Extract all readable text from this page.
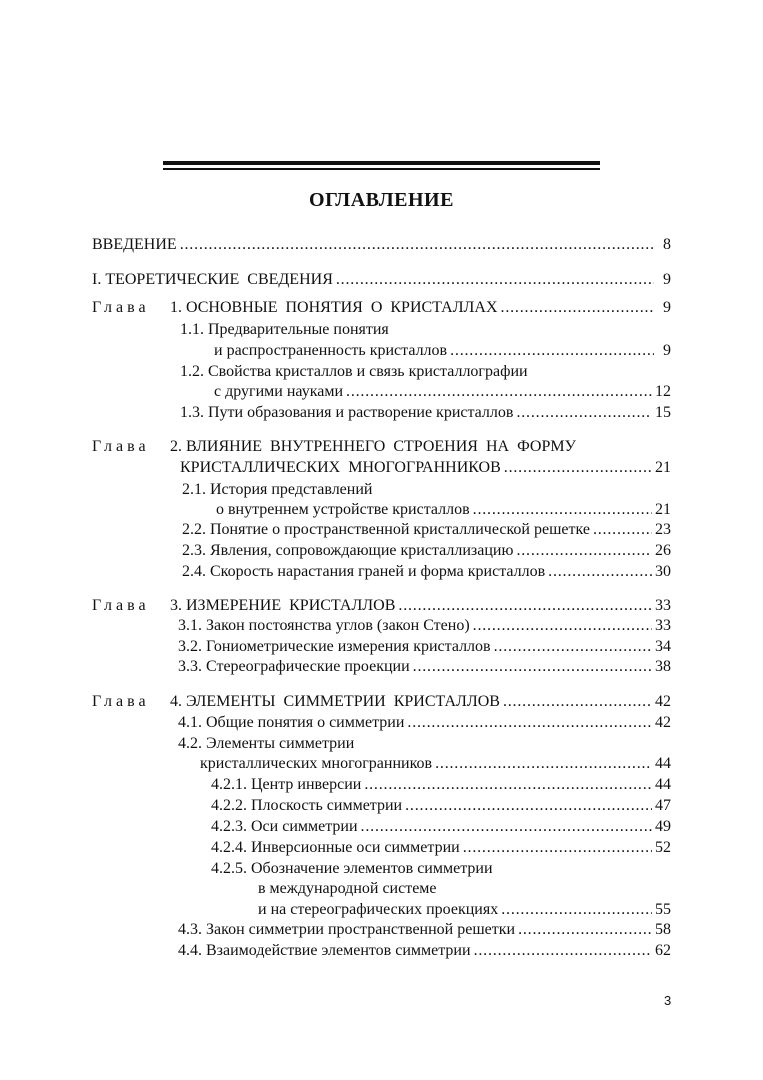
ОГЛАВЛЕНИЕ
ВВЕДЕНИЕ . . .	8
I. ТЕОРЕТИЧЕСКИЕ  СВЕДЕНИЯ . . .	9
Глава	1. ОСНОВНЫЕ  ПОНЯТИЯ  О  КРИСТАЛЛАХ . . .	9
1.1. Предварительные понятия
и распространенность кристаллов . . .	9
1.2. Свойства кристаллов и связь кристаллографии
с другими науками . . .	12
1.3. Пути образования и растворение кристаллов . . .	15
Глава 2. ВЛИЯНИЕ  ВНУТРЕННЕГО  СТРОЕНИЯ  НА  ФОРМУ
КРИСТАЛЛИЧЕСКИХ  МНОГОГРАННИКОВ . . .	21
2.1. История представлений
о внутреннем устройстве кристаллов . . .	21
2.2. Понятие о пространственной кристаллической решетке . . .	23
2.3. Явления, сопровождающие кристаллизацию . . .	26
2.4. Скорость нарастания граней и форма кристаллов . . .	30
Глава	3. ИЗМЕРЕНИЕ  КРИСТАЛЛОВ . . .	33
3.1. Закон постоянства углов (закон Стено) . . .	33
3.2. Гониометрические измерения кристаллов . . .	34
3.3. Стереографические проекции . . .	38
Глава	4. ЭЛЕМЕНТЫ  СИММЕТРИИ  КРИСТАЛЛОВ . . .	42
4.1. Общие понятия о симметрии . . .	42
4.2. Элементы симметрии
кристаллических многогранников . . .	44
4.2.1. Центр инверсии . . .	44
4.2.2. Плоскость симметрии . . .	47
4.2.3. Оси симметрии . . .	49
4.2.4. Инверсионные оси симметрии . . .	52
4.2.5. Обозначение элементов симметрии
в международной системе
и на стереографических проекциях . . .	55
4.3. Закон симметрии пространственной решетки . . .	58
4.4. Взаимодействие элементов симметрии . . .	62
3
